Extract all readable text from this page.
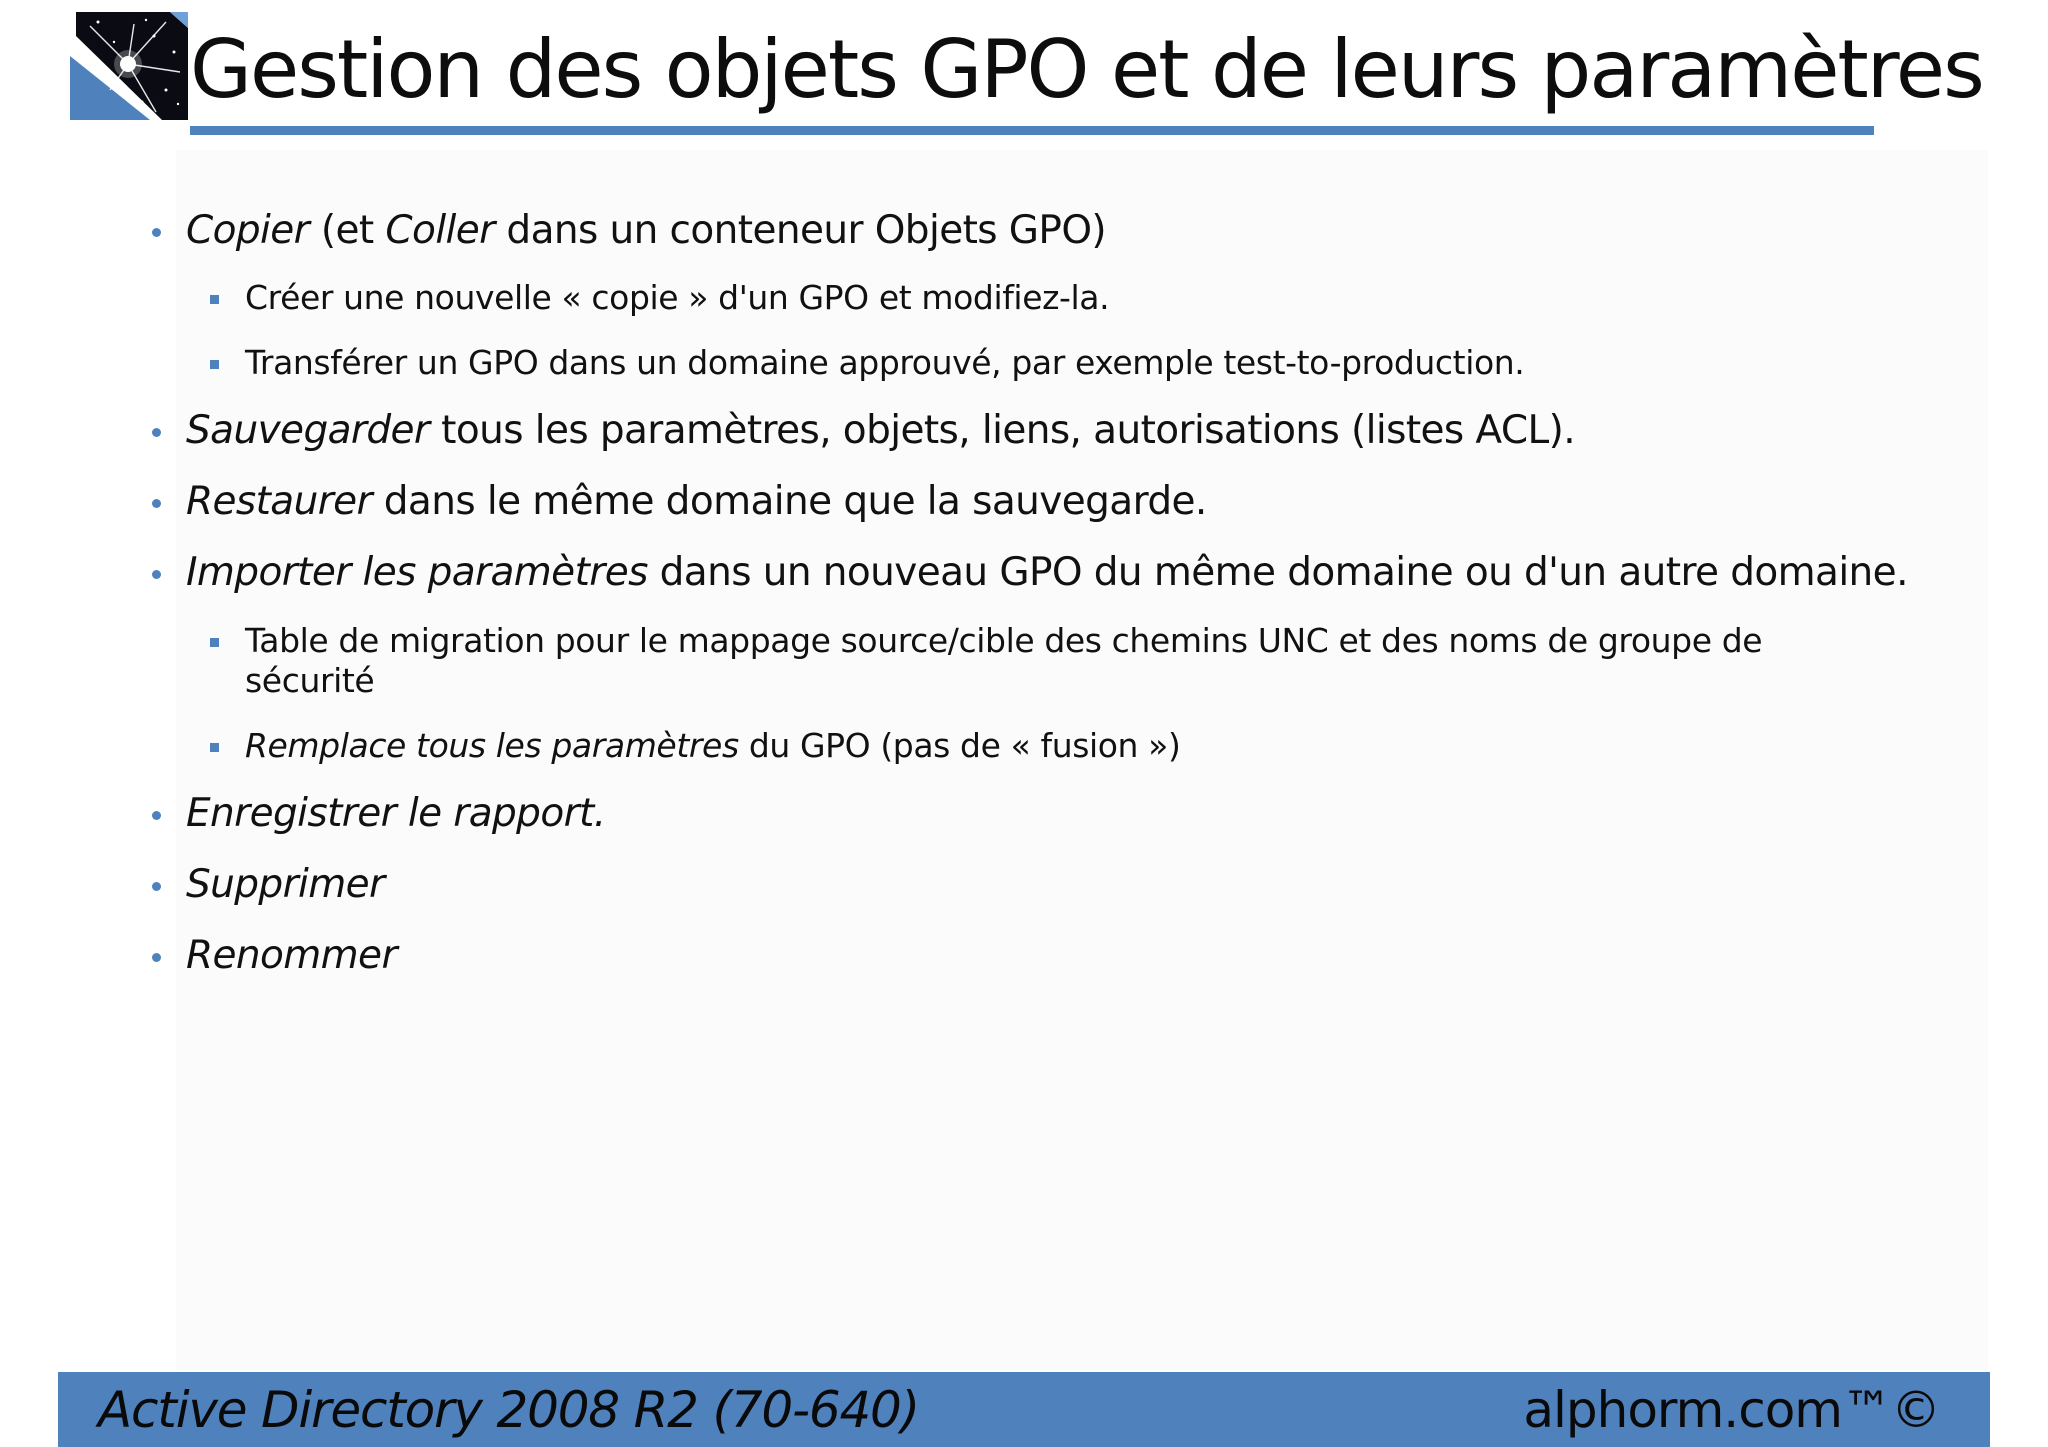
Gestion des objets GPO et de leurs paramètres
Copier (et Coller dans un conteneur Objets GPO)
Créer une nouvelle « copie » d'un GPO et modifiez-la.
Transférer un GPO dans un domaine approuvé, par exemple test-to-production.
Sauvegarder tous les paramètres, objets, liens, autorisations (listes ACL).
Restaurer dans le même domaine que la sauvegarde.
Importer les paramètres dans un nouveau GPO du même domaine ou d'un autre domaine.
Table de migration pour le mappage source/cible des chemins UNC et des noms de groupe de
sécurité
Remplace tous les paramètres du GPO (pas de « fusion »)
Enregistrer le rapport.
Supprimer
Renommer
Active Directory 2008 R2 (70-640)	alphorm.com™©
